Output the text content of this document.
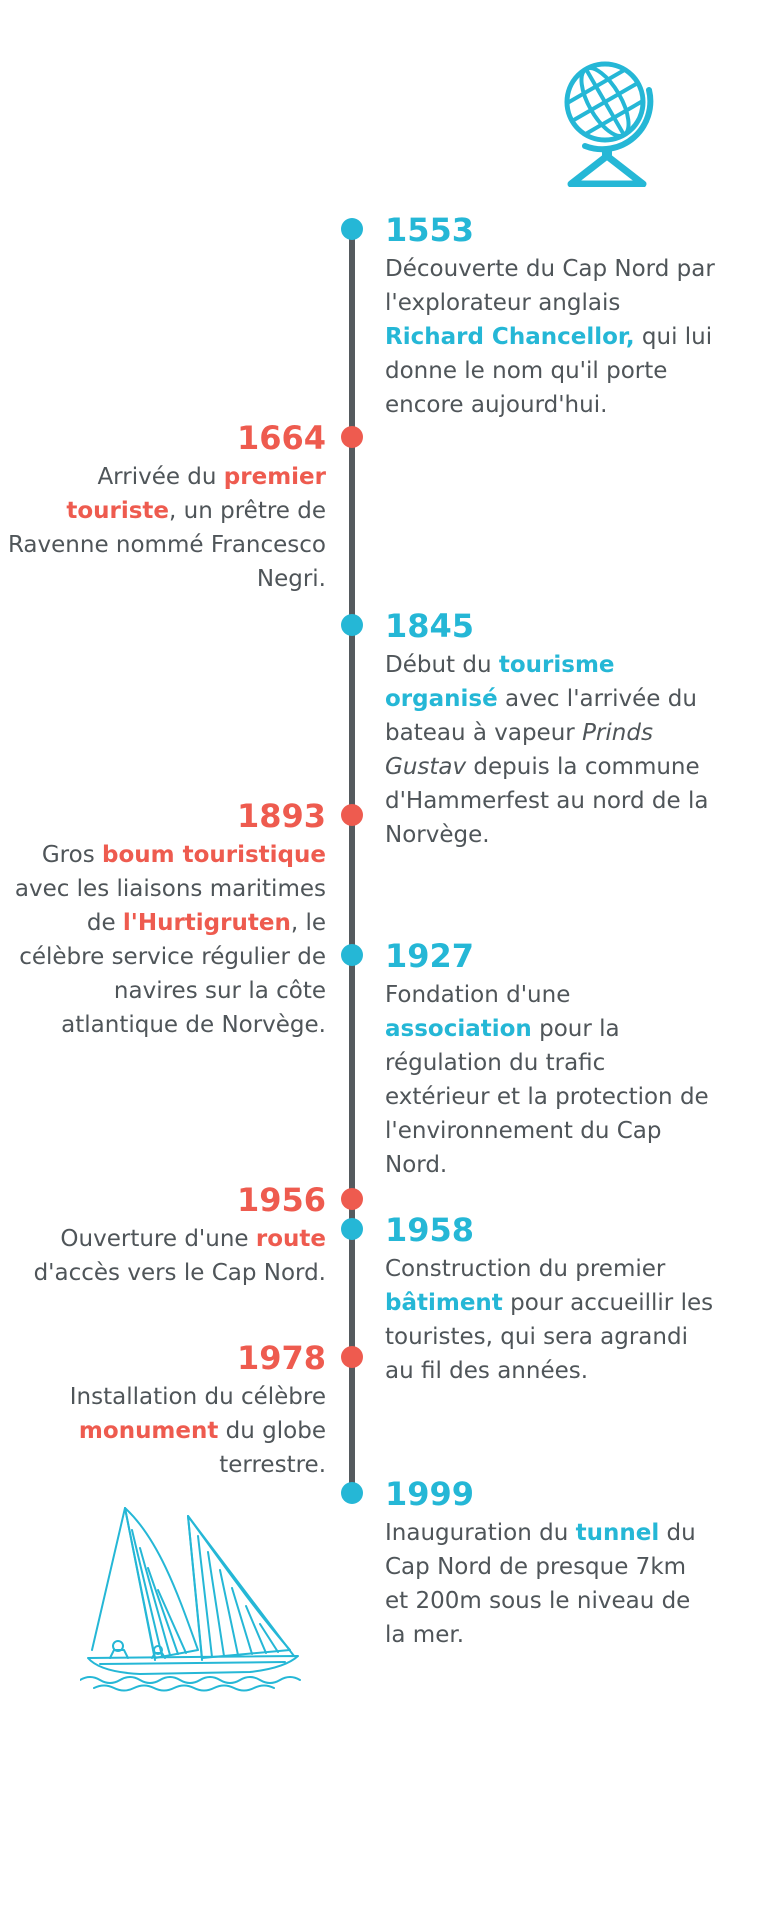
1553
Découverte du Cap Nord par l'explorateur anglais Richard Chancellor, qui lui donne le nom qu'il porte encore aujourd'hui.
1664
Arrivée du premier touriste, un prêtre de Ravenne nommé Francesco Negri.
1845
Début du tourisme organisé avec l'arrivée du bateau à vapeur Prinds Gustav depuis la commune d'Hammerfest au nord de la Norvège.
1893
Gros boum touristique avec les liaisons maritimes de l'Hurtigruten, le célèbre service régulier de navires sur la côte atlantique de Norvège.
1927
Fondation d'une association pour la régulation du trafic extérieur et la protection de l'environnement du Cap Nord.
1956
Ouverture d'une route d'accès vers le Cap Nord.
1958
Construction du premier bâtiment pour accueillir les touristes, qui sera agrandi au fil des années.
1978
Installation du célèbre monument du globe terrestre.
1999
Inauguration du tunnel du Cap Nord de presque 7km et 200m sous le niveau de la mer.
